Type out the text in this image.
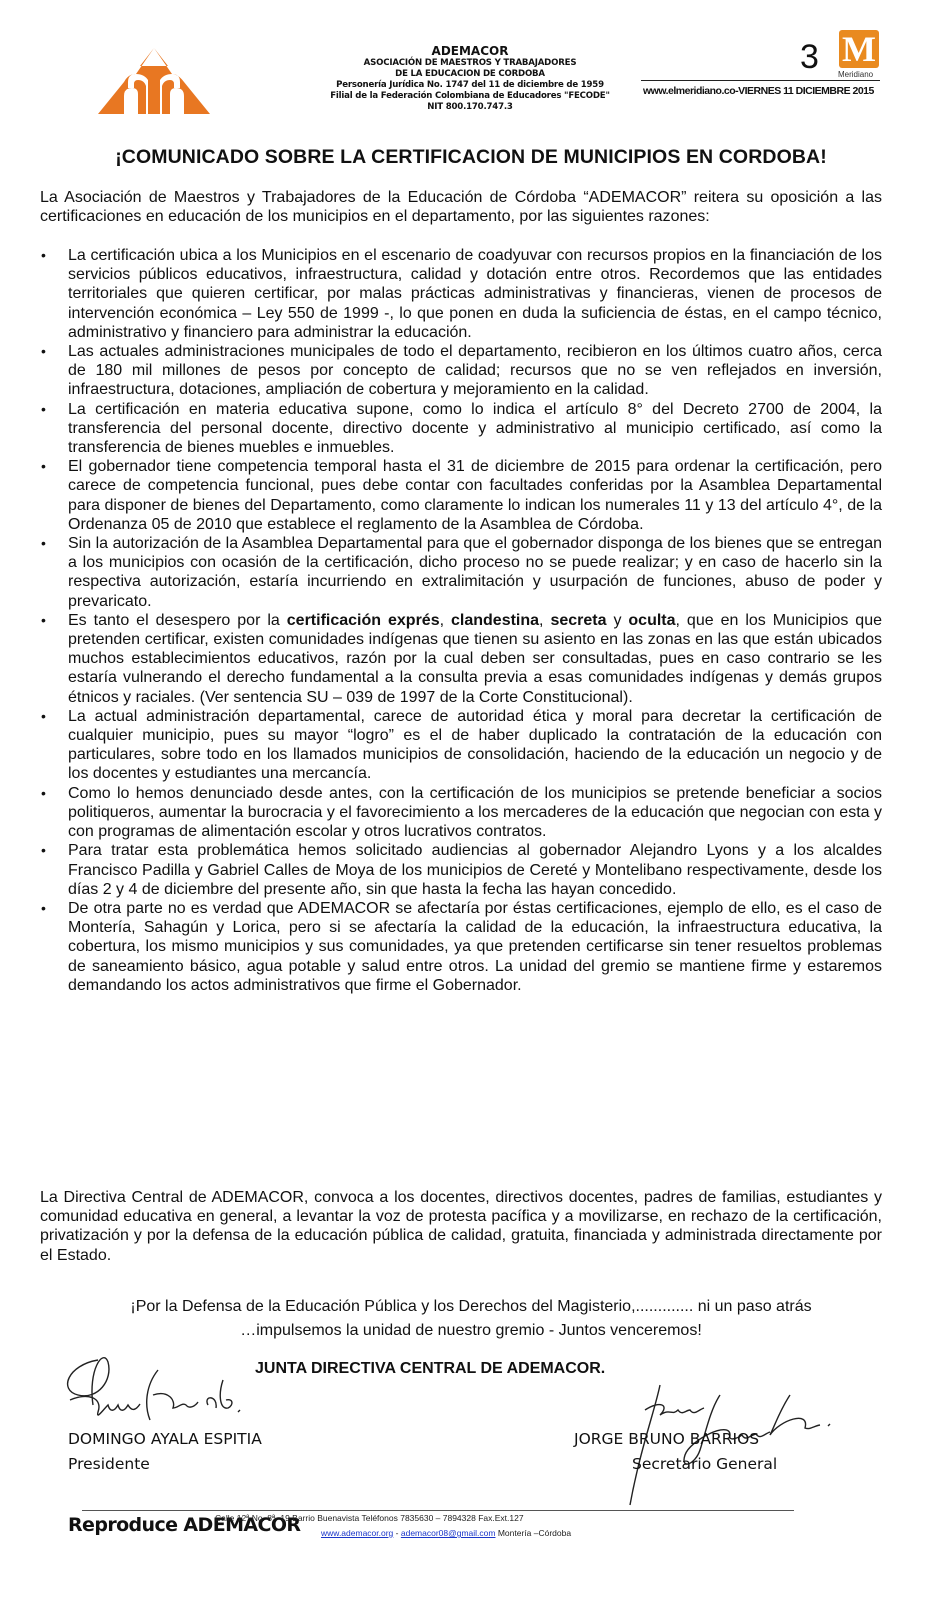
ADEMACOR
ASOCIACIÓN DE MAESTROS Y TRABAJADORES
DE LA EDUCACION DE CORDOBA
Personería Jurídica No. 1747 del 11 de diciembre de 1959
Filial de la Federación Colombiana de Educadores "FECODE"
NIT 800.170.747.3
3 M
Meridiano
www.elmeridiano.co-VIERNES 11 DICIEMBRE 2015
¡COMUNICADO SOBRE LA CERTIFICACION DE MUNICIPIOS EN CORDOBA!
La Asociación de Maestros y Trabajadores de la Educación de Córdoba “ADEMACOR” reitera su oposición a las certificaciones en educación de los municipios en el departamento, por las siguientes razones:
• La certificación ubica a los Municipios en el escenario de coadyuvar con recursos propios en la financiación de los servicios públicos educativos, infraestructura, calidad y dotación entre otros. Recordemos que las entidades territoriales que quieren certificar, por malas prácticas administrativas y financieras, vienen de procesos de intervención económica – Ley 550 de 1999 -, lo que ponen en duda la suficiencia de éstas, en el campo técnico, administrativo y financiero para administrar la educación.
• Las actuales administraciones municipales de todo el departamento, recibieron en los últimos cuatro años, cerca de 180 mil millones de pesos por concepto de calidad; recursos que no se ven reflejados en inversión, infraestructura, dotaciones, ampliación de cobertura y mejoramiento en la calidad.
• La certificación en materia educativa supone, como lo indica el artículo 8° del Decreto 2700 de 2004, la transferencia del personal docente, directivo docente y administrativo al municipio certificado, así como la transferencia de bienes muebles e inmuebles.
• El gobernador tiene competencia temporal hasta el 31 de diciembre de 2015 para ordenar la certificación, pero carece de competencia funcional, pues debe contar con facultades conferidas por la Asamblea Departamental para disponer de bienes del Departamento, como claramente lo indican los numerales 11 y 13 del artículo 4°, de la Ordenanza 05 de 2010 que establece el reglamento de la Asamblea de Córdoba.
• Sin la autorización de la Asamblea Departamental para que el gobernador disponga de los bienes que se entregan a los municipios con ocasión de la certificación, dicho proceso no se puede realizar; y en caso de hacerlo sin la respectiva autorización, estaría incurriendo en extralimitación y usurpación de funciones, abuso de poder y prevaricato.
• Es tanto el desespero por la certificación exprés, clandestina, secreta y oculta, que en los Municipios que pretenden certificar, existen comunidades indígenas que tienen su asiento en las zonas en las que están ubicados muchos establecimientos educativos, razón por la cual deben ser consultadas, pues en caso contrario se les estaría vulnerando el derecho fundamental a la consulta previa a esas comunidades indígenas y demás grupos étnicos y raciales. (Ver sentencia SU – 039 de 1997 de la Corte Constitucional).
• La actual administración departamental, carece de autoridad ética y moral para decretar la certificación de cualquier municipio, pues su mayor “logro” es el de haber duplicado la contratación de la educación con particulares, sobre todo en los llamados municipios de consolidación, haciendo de la educación un negocio y de los docentes y estudiantes una mercancía.
• Como lo hemos denunciado desde antes, con la certificación de los municipios se pretende beneficiar a socios politiqueros, aumentar la burocracia y el favorecimiento a los mercaderes de la educación que negocian con esta y con programas de alimentación escolar y otros lucrativos contratos.
• Para tratar esta problemática hemos solicitado audiencias al gobernador Alejandro Lyons y a los alcaldes Francisco Padilla y Gabriel Calles de Moya de los municipios de Cereté y Montelibano respectivamente, desde los días 2 y 4 de diciembre del presente año, sin que hasta la fecha las hayan concedido.
• De otra parte no es verdad que ADEMACOR se afectaría por éstas certificaciones, ejemplo de ello, es el caso de Montería, Sahagún y Lorica, pero si se afectaría la calidad de la educación, la infraestructura educativa, la cobertura, los mismo municipios y sus comunidades, ya que pretenden certificarse sin tener resueltos problemas de saneamiento básico, agua potable y salud entre otros. La unidad del gremio se mantiene firme y estaremos demandando los actos administrativos que firme el Gobernador.
La Directiva Central de ADEMACOR, convoca a los docentes, directivos docentes, padres de familias, estudiantes y comunidad educativa en general, a levantar la voz de protesta pacífica y a movilizarse, en rechazo de la certificación, privatización y por la defensa de la educación pública de calidad, gratuita, financiada y administrada directamente por el Estado.
¡Por la Defensa de la Educación Pública y los Derechos del Magisterio,............. ni un paso atrás
…impulsemos la unidad de nuestro gremio - Juntos venceremos!
JUNTA DIRECTIVA CENTRAL DE ADEMACOR.
DOMINGO AYALA ESPITIA
Presidente
JORGE BRUNO BARRIOS
Secretario General
Reproduce ADEMACOR
Calle 12ª No. 8ª- 19 Barrio Buenavista Teléfonos 7835630 – 7894328 Fax.Ext.127
www.ademacor.org - ademacor08@gmail.com Montería –Córdoba
